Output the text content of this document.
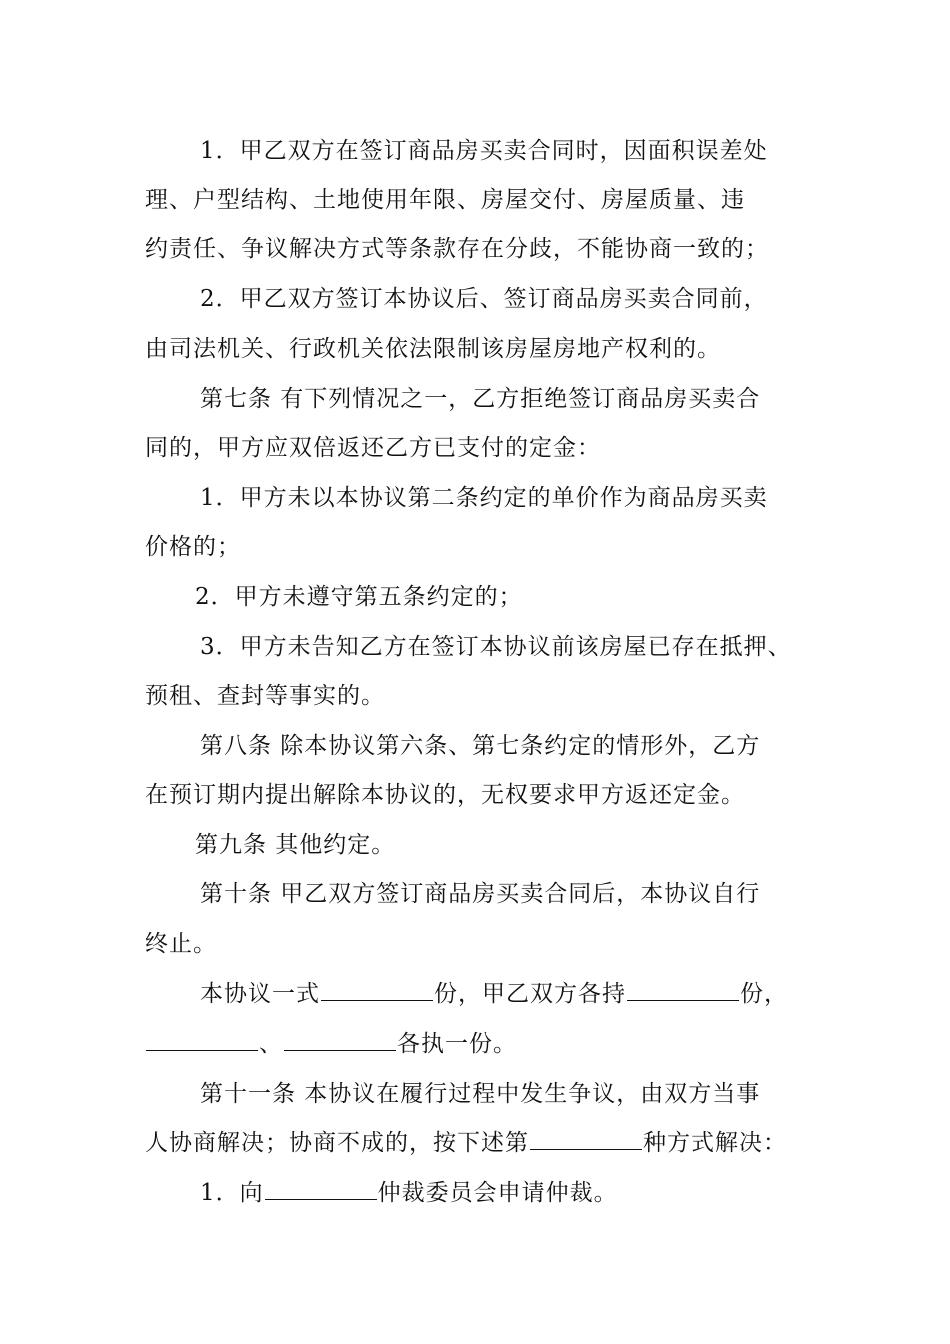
1．甲乙双方在签订商品房买卖合同时，因面积误差处
理、户型结构、土地使用年限、房屋交付、房屋质量、违
约责任、争议解决方式等条款存在分歧，不能协商一致的；
2．甲乙双方签订本协议后、签订商品房买卖合同前，
由司法机关、行政机关依法限制该房屋房地产权利的。
第七条 有下列情况之一，乙方拒绝签订商品房买卖合
同的，甲方应双倍返还乙方已支付的定金：
1．甲方未以本协议第二条约定的单价作为商品房买卖
价格的；
2．甲方未遵守第五条约定的；
3．甲方未告知乙方在签订本协议前该房屋已存在抵押、
预租、查封等事实的。
第八条 除本协议第六条、第七条约定的情形外，乙方
在预订期内提出解除本协议的，无权要求甲方返还定金。
第九条 其他约定。
第十条 甲乙双方签订商品房买卖合同后，本协议自行
终止。
本协议一式	份，甲乙双方各持	份，
、	各执一份。
第十一条 本协议在履行过程中发生争议，由双方当事
人协商解决；协商不成的，按下述第	种方式解决：
1．向	仲裁委员会申请仲裁。
